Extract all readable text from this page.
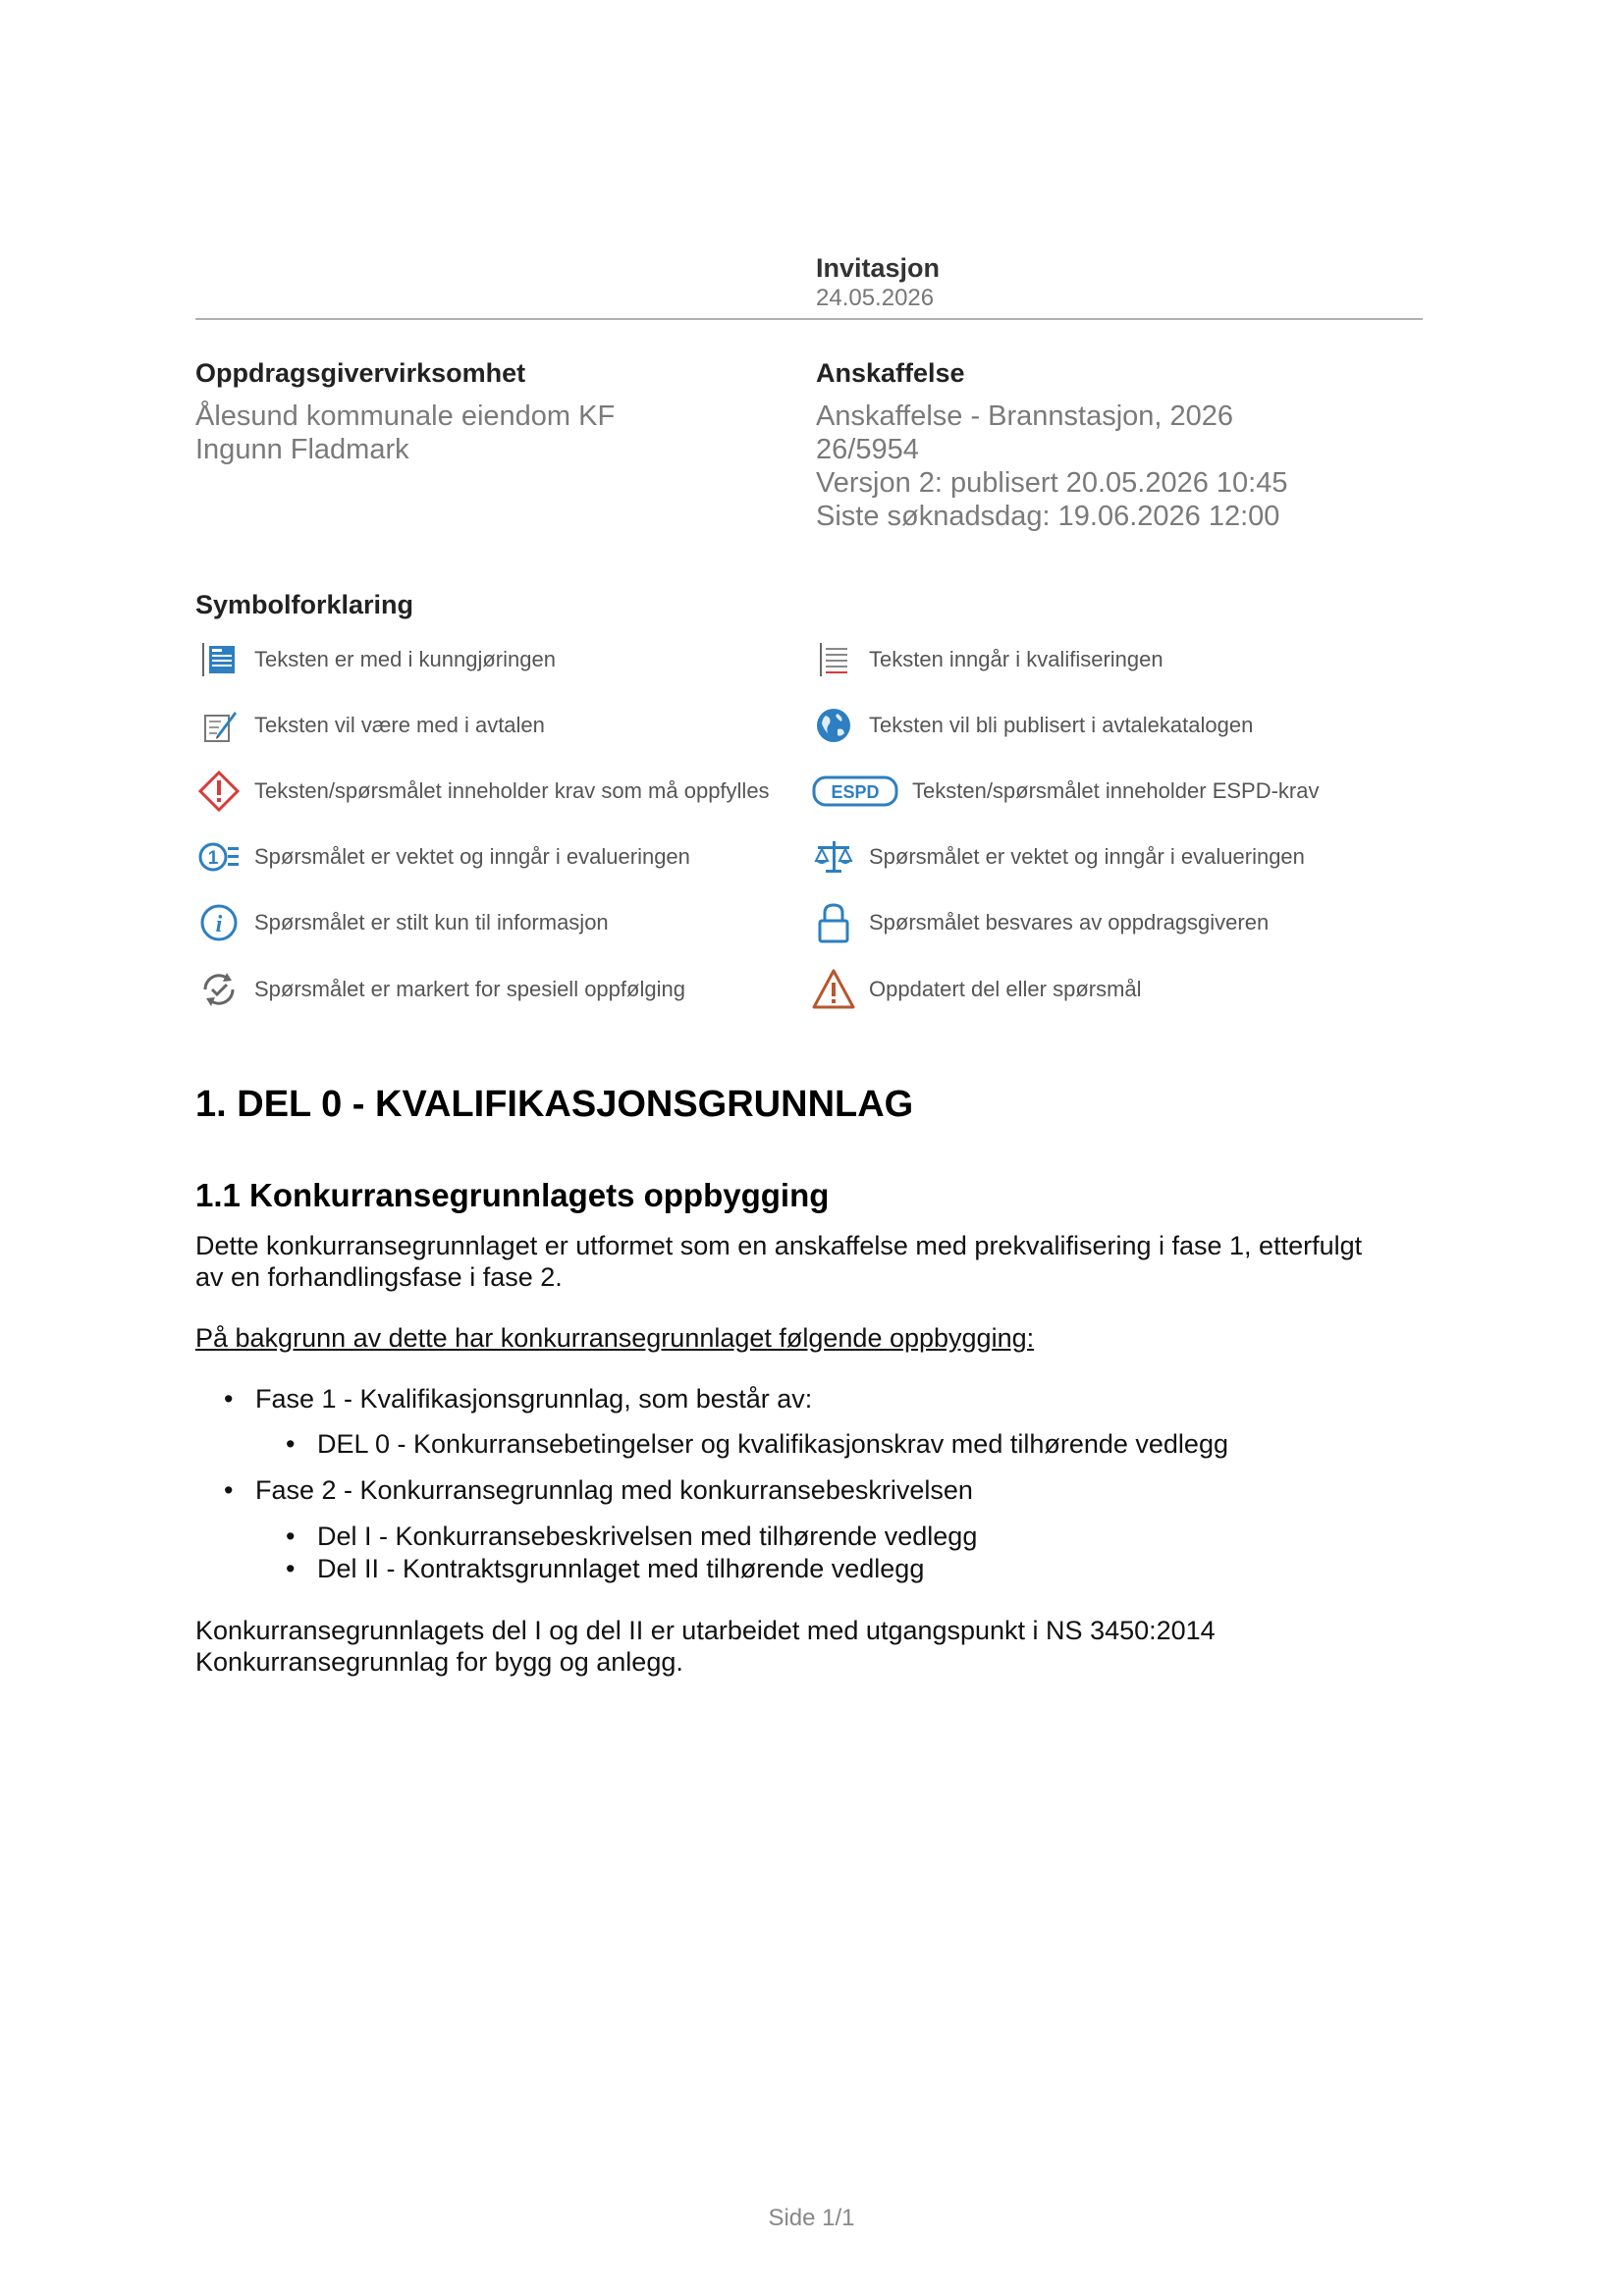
Invitasjon
24.05.2026
Oppdragsgivervirksomhet
Ålesund kommunale eiendom KF
Ingunn Fladmark
Anskaffelse
Anskaffelse - Brannstasjon, 2026
26/5954
Versjon 2: publisert 20.05.2026 10:45
Siste søknadsdag: 19.06.2026 12:00
Symbolforklaring
Teksten er med i kunngjøringen	Teksten inngår i kvalifiseringen
Teksten vil være med i avtalen	Teksten vil bli publisert i avtalekatalogen
Teksten/spørsmålet inneholder krav som må oppfylles	ESPD Teksten/spørsmålet inneholder ESPD-krav
1 Spørsmålet er vektet og inngår i evalueringen	Spørsmålet er vektet og inngår i evalueringen
i Spørsmålet er stilt kun til informasjon	Spørsmålet besvares av oppdragsgiveren
Spørsmålet er markert for spesiell oppfølging	Oppdatert del eller spørsmål
1. DEL 0 - KVALIFIKASJONSGRUNNLAG
1.1 Konkurransegrunnlagets oppbygging
Dette konkurransegrunnlaget er utformet som en anskaffelse med prekvalifisering i fase 1, etterfulgt
av en forhandlingsfase i fase 2.
På bakgrunn av dette har konkurransegrunnlaget følgende oppbygging:
• Fase 1 - Kvalifikasjonsgrunnlag, som består av:
• DEL 0 - Konkurransebetingelser og kvalifikasjonskrav med tilhørende vedlegg
• Fase 2 - Konkurransegrunnlag med konkurransebeskrivelsen
• Del I - Konkurransebeskrivelsen med tilhørende vedlegg
• Del II - Kontraktsgrunnlaget med tilhørende vedlegg
Konkurransegrunnlagets del I og del II er utarbeidet med utgangspunkt i NS 3450:2014
Konkurransegrunnlag for bygg og anlegg.
Side 1/1
